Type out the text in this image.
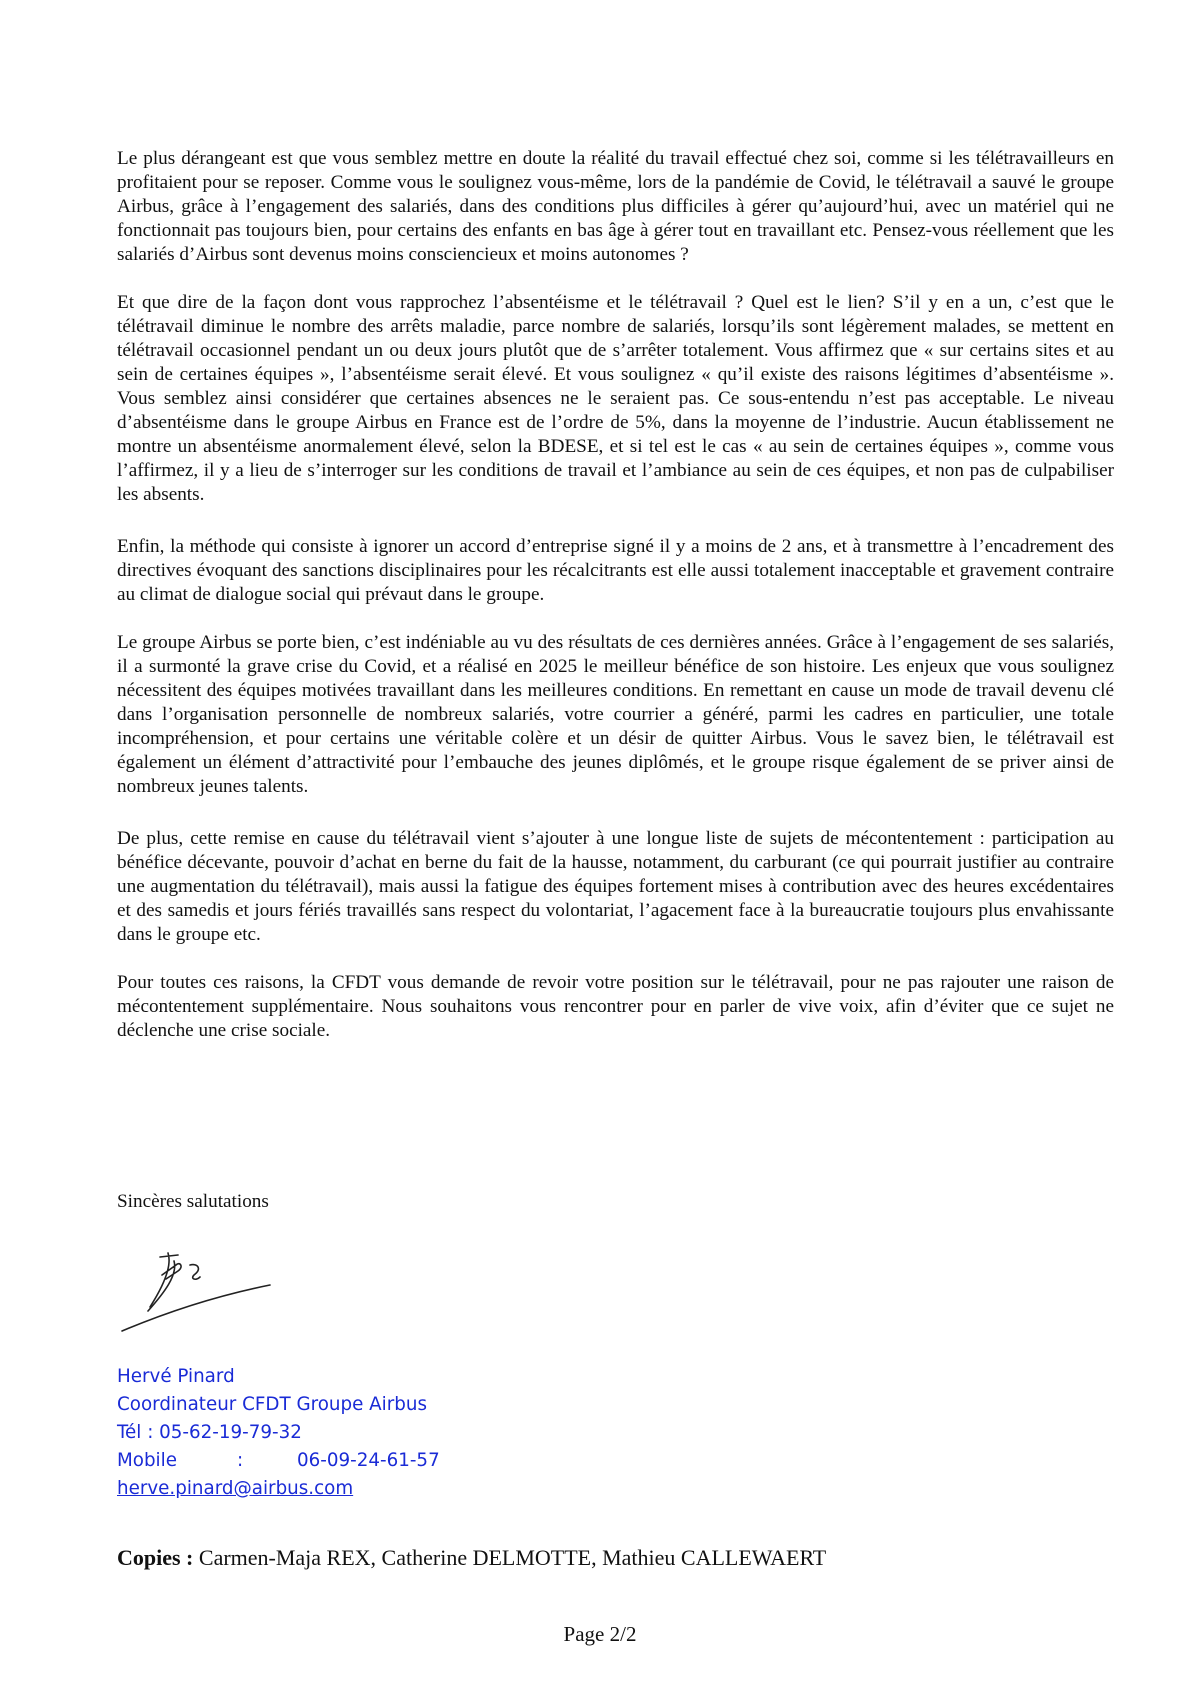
Le plus dérangeant est que vous semblez mettre en doute la réalité du travail effectué chez soi, comme si les télétravailleurs en profitaient pour se reposer. Comme vous le soulignez vous-même, lors de la pandémie de Covid, le télétravail a sauvé le groupe Airbus, grâce à l’engagement des salariés, dans des conditions plus difficiles à gérer qu’aujourd’hui, avec un matériel qui ne fonctionnait pas toujours bien, pour certains des enfants en bas âge à gérer tout en travaillant etc. Pensez-vous réellement que les salariés d’Airbus sont devenus moins consciencieux et moins autonomes ?

Et que dire de la façon dont vous rapprochez l’absentéisme et le télétravail ? Quel est le lien? S’il y en a un, c’est que le télétravail diminue le nombre des arrêts maladie, parce nombre de salariés, lorsqu’ils sont légèrement malades, se mettent en télétravail occasionnel pendant un ou deux jours plutôt que de s’arrêter totalement. Vous affirmez que « sur certains sites et au sein de certaines équipes », l’absentéisme serait élevé. Et vous soulignez « qu’il existe des raisons légitimes d’absentéisme ». Vous semblez ainsi considérer que certaines absences ne le seraient pas. Ce sous-entendu n’est pas acceptable. Le niveau d’absentéisme dans le groupe Airbus en France est de l’ordre de 5%, dans la moyenne de l’industrie. Aucun établissement ne montre un absentéisme anormalement élevé, selon la BDESE, et si tel est le cas « au sein de certaines équipes », comme vous l’affirmez, il y a lieu de s’interroger sur les conditions de travail et l’ambiance au sein de ces équipes, et non pas de culpabiliser les absents.

Enfin, la méthode qui consiste à ignorer un accord d’entreprise signé il y a moins de 2 ans, et à transmettre à l’encadrement des directives évoquant des sanctions disciplinaires pour les récalcitrants est elle aussi totalement inacceptable et gravement contraire au climat de dialogue social qui prévaut dans le groupe.

Le groupe Airbus se porte bien, c’est indéniable au vu des résultats de ces dernières années. Grâce à l’engagement de ses salariés, il a surmonté la grave crise du Covid, et a réalisé en 2025 le meilleur bénéfice de son histoire. Les enjeux que vous soulignez nécessitent des équipes motivées travaillant dans les meilleures conditions. En remettant en cause un mode de travail devenu clé dans l’organisation personnelle de nombreux salariés, votre courrier a généré, parmi les cadres en particulier, une totale incompréhension, et pour certains une véritable colère et un désir de quitter Airbus. Vous le savez bien, le télétravail est également un élément d’attractivité pour l’embauche des jeunes diplômés, et le groupe risque également de se priver ainsi de nombreux jeunes talents.

De plus, cette remise en cause du télétravail vient s’ajouter à une longue liste de sujets de mécontentement : participation au bénéfice décevante, pouvoir d’achat en berne du fait de la hausse, notamment, du carburant (ce qui pourrait justifier au contraire une augmentation du télétravail), mais aussi la fatigue des équipes fortement mises à contribution avec des heures excédentaires et des samedis et jours fériés travaillés sans respect du volontariat, l’agacement face à la bureaucratie toujours plus envahissante dans le groupe etc.

Pour toutes ces raisons, la CFDT vous demande de revoir votre position sur le télétravail, pour ne pas rajouter une raison de mécontentement supplémentaire. Nous souhaitons vous rencontrer pour en parler de vive voix, afin d’éviter que ce sujet ne déclenche une crise sociale.

Sincères salutations
Hervé Pinard
Coordinateur CFDT Groupe Airbus
Tél : 05-62-19-79-32
Mobile	:	06-09-24-61-57
herve.pinard@airbus.com
Copies : Carmen-Maja REX, Catherine DELMOTTE, Mathieu CALLEWAERT
Page 2/2
